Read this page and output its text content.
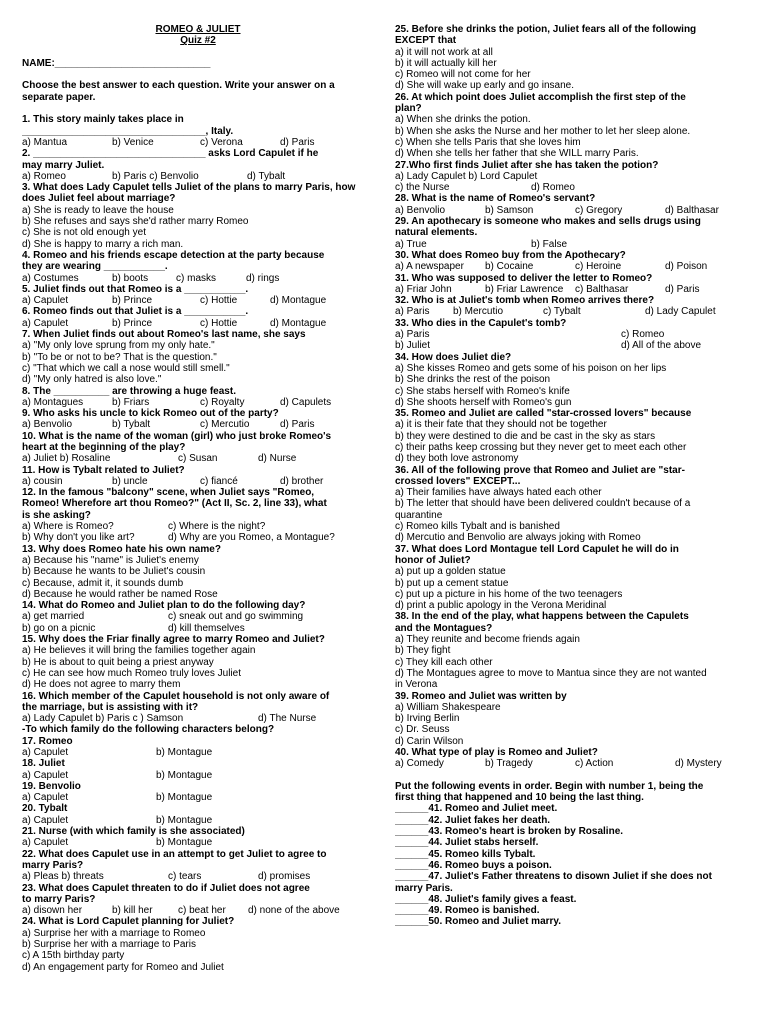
ROMEO & JULIET
Quiz #2
NAME:____________________________
Choose the best answer to each question. Write your answer on a separate paper.
1. This story mainly takes place in
_________________________________, Italy.
a) Mantua	b) Venice	c) Verona	d) Paris
2. _______________________________ asks Lord Capulet if he
may marry Juliet.
a) Romeo	b) Paris c) Benvolio	d) Tybalt
3. What does Lady Capulet tells Juliet of the plans to marry Paris, how
does Juliet feel about marriage?
a) She is ready to leave the house
b) She refuses and says she'd rather marry Romeo
c) She is not old enough yet
d) She is happy to marry a rich man.
4. Romeo and his friends escape detection at the party because
they are wearing ___________.
a) Costumes	b) boots	c) masks	d) rings
5. Juliet finds out that Romeo is a ___________.
a) Capulet	b) Prince	c) Hottie	d) Montague
6. Romeo finds out that Juliet is a ___________.
a) Capulet	b) Prince	c) Hottie	d) Montague
7. When Juliet finds out about Romeo's last name, she says
a) "My only love sprung from my only hate."
b) "To be or not to be? That is the question."
c) "That which we call a nose would still smell."
d) "My only hatred is also love."
8. The __________ are throwing a huge feast.
a) Montagues	b) Friars	c) Royalty	d) Capulets
9. Who asks his uncle to kick Romeo out of the party?
a) Benvolio	b) Tybalt	c) Mercutio	d) Paris
10. What is the name of the woman (girl) who just broke Romeo's
heart at the beginning of the play?
a) Juliet b) Rosaline	c) Susan	d) Nurse
11. How is Tybalt related to Juliet?
a) cousin	b) uncle	c) fiancé	d) brother
12. In the famous "balcony" scene, when Juliet says "Romeo,
Romeo! Wherefore art thou Romeo?" (Act II, Sc. 2, line 33), what
is she asking?
a) Where is Romeo?	c) Where is the night?
b) Why don't you like art?	d) Why are you Romeo, a Montague?
13. Why does Romeo hate his own name?
a) Because his "name" is Juliet's enemy
b) Because he wants to be Juliet's cousin
c) Because, admit it, it sounds dumb
d) Because he would rather be named Rose
14. What do Romeo and Juliet plan to do the following day?
a) get married	c) sneak out and go swimming
b) go on a picnic	d) kill themselves
15. Why does the Friar finally agree to marry Romeo and Juliet?
a) He believes it will bring the families together again
b) He is about to quit being a priest anyway
c) He can see how much Romeo truly loves Juliet
d) He does not agree to marry them
16. Which member of the Capulet household is not only aware of
the marriage, but is assisting with it?
a) Lady Capulet b) Paris c ) Samson	d) The Nurse
-To which family do the following characters belong?
17. Romeo
a) Capulet	b) Montague
18. Juliet
a) Capulet	b) Montague
19. Benvolio
a) Capulet	b) Montague
20. Tybalt
a) Capulet	b) Montague
21. Nurse (with which family is she associated)
a) Capulet	b) Montague
22. What does Capulet use in an attempt to get Juliet to agree to
marry Paris?
a) Pleas b) threats	c) tears	d) promises
23. What does Capulet threaten to do if Juliet does not agree
to marry Paris?
a) disown her	b) kill her	c) beat her	d) none of the above
24. What is Lord Capulet planning for Juliet?
a) Surprise her with a marriage to Romeo
b) Surprise her with a marriage to Paris
c) A 15th birthday party
d) An engagement party for Romeo and Juliet
25. Before she drinks the potion, Juliet fears all of the following
EXCEPT that
a) it will not work at all
b) it will actually kill her
c) Romeo will not come for her
d) She will wake up early and go insane.
26. At which point does Juliet accomplish the first step of the
plan?
a) When she drinks the potion.
b) When she asks the Nurse and her mother to let her sleep alone.
c) When she tells Paris that she loves him
d) When she tells her father that she WILL marry Paris.
27.Who first finds Juliet after she has taken the potion?
a) Lady Capulet b) Lord Capulet
c) the Nurse	d) Romeo
28. What is the name of Romeo's servant?
a) Benvolio	b) Samson	c) Gregory	d) Balthasar
29. An apothecary is someone who makes and sells drugs using
natural elements.
a) True	b) False
30. What does Romeo buy from the Apothecary?
a) A newspaper	b) Cocaine	c) Heroine	d) Poison
31. Who was supposed to deliver the letter to Romeo?
a) Friar John	b) Friar Lawrence	c) Balthasar	d) Paris
32. Who is at Juliet's tomb when Romeo arrives there?
a) Paris	b) Mercutio	c) Tybalt	d) Lady Capulet
33. Who dies in the Capulet's tomb?
a) Paris	c) Romeo
b) Juliet	d) All of the above
34. How does Juliet die?
a) She kisses Romeo and gets some of his poison on her lips
b) She drinks the rest of the poison
c) She stabs herself with Romeo's knife
d) She shoots herself with Romeo's gun
35. Romeo and Juliet are called "star-crossed lovers" because
a) it is their fate that they should not be together
b) they were destined to die and be cast in the sky as stars
c) their paths keep crossing but they never get to meet each other
d) they both love astronomy
36. All of the following prove that Romeo and Juliet are "star-
crossed lovers" EXCEPT...
a) Their families have always hated each other
b) The letter that should have been delivered couldn't because of a
quarantine
c) Romeo kills Tybalt and is banished
d) Mercutio and Benvolio are always joking with Romeo
37. What does Lord Montague tell Lord Capulet he will do in
honor of Juliet?
a) put up a golden statue
b) put up a cement statue
c) put up a picture in his home of the two teenagers
d) print a public apology in the Verona Meridinal
38. In the end of the play, what happens between the Capulets
and the Montagues?
a) They reunite and become friends again
b) They fight
c) They kill each other
d) The Montagues agree to move to Mantua since they are not wanted
in Verona
39. Romeo and Juliet was written by
a) William Shakespeare
b) Irving Berlin
c) Dr. Seuss
d) Carin Wilson
40. What type of play is Romeo and Juliet?
a) Comedy	b) Tragedy	c) Action	d) Mystery
Put the following events in order. Begin with number 1, being the
first thing that happened and 10 being the last thing.
______41. Romeo and Juliet meet.
______42. Juliet fakes her death.
______43. Romeo's heart is broken by Rosaline.
______44. Juliet stabs herself.
______45. Romeo kills Tybalt.
______46. Romeo buys a poison.
______47. Juliet's Father threatens to disown Juliet if she does not
marry Paris.
______48. Juliet's family gives a feast.
______49. Romeo is banished.
______50. Romeo and Juliet marry.
